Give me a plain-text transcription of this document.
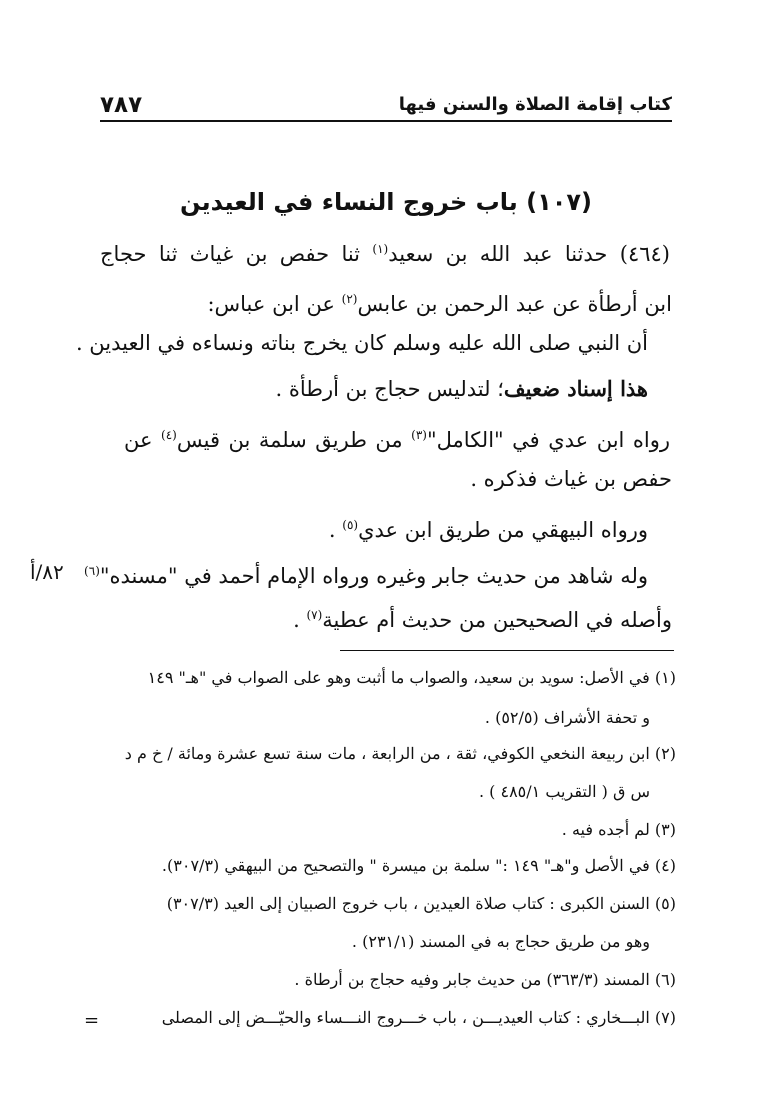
٧٨٧	كتاب إقامة الصلاة والسنن فيها
(١٠٧) باب خروج النساء في العيدين
(٤٦٤) حدثنا عبد الله بن سعيد$^{(١)}$ ثنا حفص بن غياث ثنا حجاج
ابن أرطأة عن عبد الرحمن بن عابس$^{(٢)}$ عن ابن عباس:
أن النبي صلى الله عليه وسلم كان يخرج بناته ونساءه في العيدين .
هذا إسناد ضعيف؛ لتدليس حجاج بن أرطأة .
رواه ابن عدي في "الكامل"$^{(٣)}$ من طريق سلمة بن قيس$^{(٤)}$ عن
حفص بن غياث فذكره .
ورواه البيهقي من طريق ابن عدي$^{(٥)}$ .
وله شاهد من حديث جابر وغيره ورواه الإمام أحمد في "مسنده"$^{(٦)}$
٨٢/أ
وأصله في الصحيحين من حديث أم عطية$^{(٧)}$ .
(١) في الأصل: سويد بن سعيد، والصواب ما أثبت وهو على الصواب في "هـ" ١٤٩
و تحفة الأشراف (٥٢/٥) .
(٢) ابن ربيعة النخعي الكوفي، ثقة ، من الرابعة ، مات سنة تسع عشرة ومائة / خ م د
س ق ( التقريب ٤٨٥/١ ) .
(٣) لم أجده فيه .
(٤) في الأصل و"هـ" ١٤٩ :" سلمة بن ميسرة " والتصحيح من البيهقي (٣٠٧/٣).
(٥) السنن الكبرى : كتاب صلاة العيدين ، باب خروج الصبيان إلى العيد (٣٠٧/٣)
وهو من طريق حجاج به في المسند (٢٣١/١) .
(٦) المسند (٣٦٣/٣) من حديث جابر وفيه حجاج بن أرطاة .
(٧) البـــخاري : كتاب العيديـــن ، باب خـــروج النـــساء والحيّـــض إلى المصلى
=
